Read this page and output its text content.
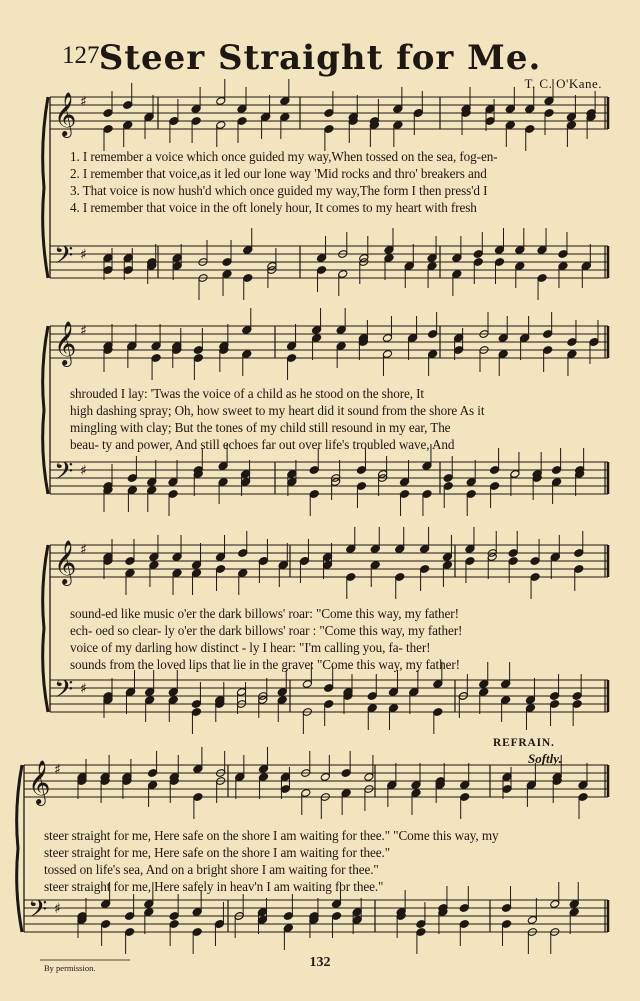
127 Steer Straight for Me.
T. C. O'Kane.
𝄞 ♯
𝄢 ♯
𝄞 ♯
𝄢 ♯
𝄞 ♯
𝄢 ♯
𝄞 ♯
𝄢 ♯
1. I remember a voice which once guided my way,When tossed on the sea, fog-en-
2. I remember that voice,as it led our lone way 'Mid rocks and thro' breakers and
3. That voice is now hush'd which once guided my way,The form I then press'd I
4. I remember that voice in the oft lonely hour, It comes to my heart with fresh
shrouded I lay: 'Twas the voice of a child as he stood on the shore, It
high dashing spray; Oh, how sweet to my heart did it sound from the shore As it
mingling with clay; But the tones of my child still resound in my ear, The
beau- ty and power, And still echoes far out over life's troubled wave, And
sound-ed like music o'er the dark billows' roar: "Come this way, my father!
ech- oed so clear- ly o'er the dark billows' roar : "Come this way, my father!
voice of my darling how distinct - ly I hear: "I'm calling you, fa- ther!
sounds from the loved lips that lie in the grave: "Come this way, my father!
REFRAIN.
Softly.
steer straight for me, Here safe on the shore I am waiting for thee." "Come this way, my
steer straight for me, Here safe on the shore I am waiting for thee."
tossed on life's sea, And on a bright shore I am waiting for thee."
steer straight for me, Here safely in heav'n I am waiting for thee."
By permission.	132
